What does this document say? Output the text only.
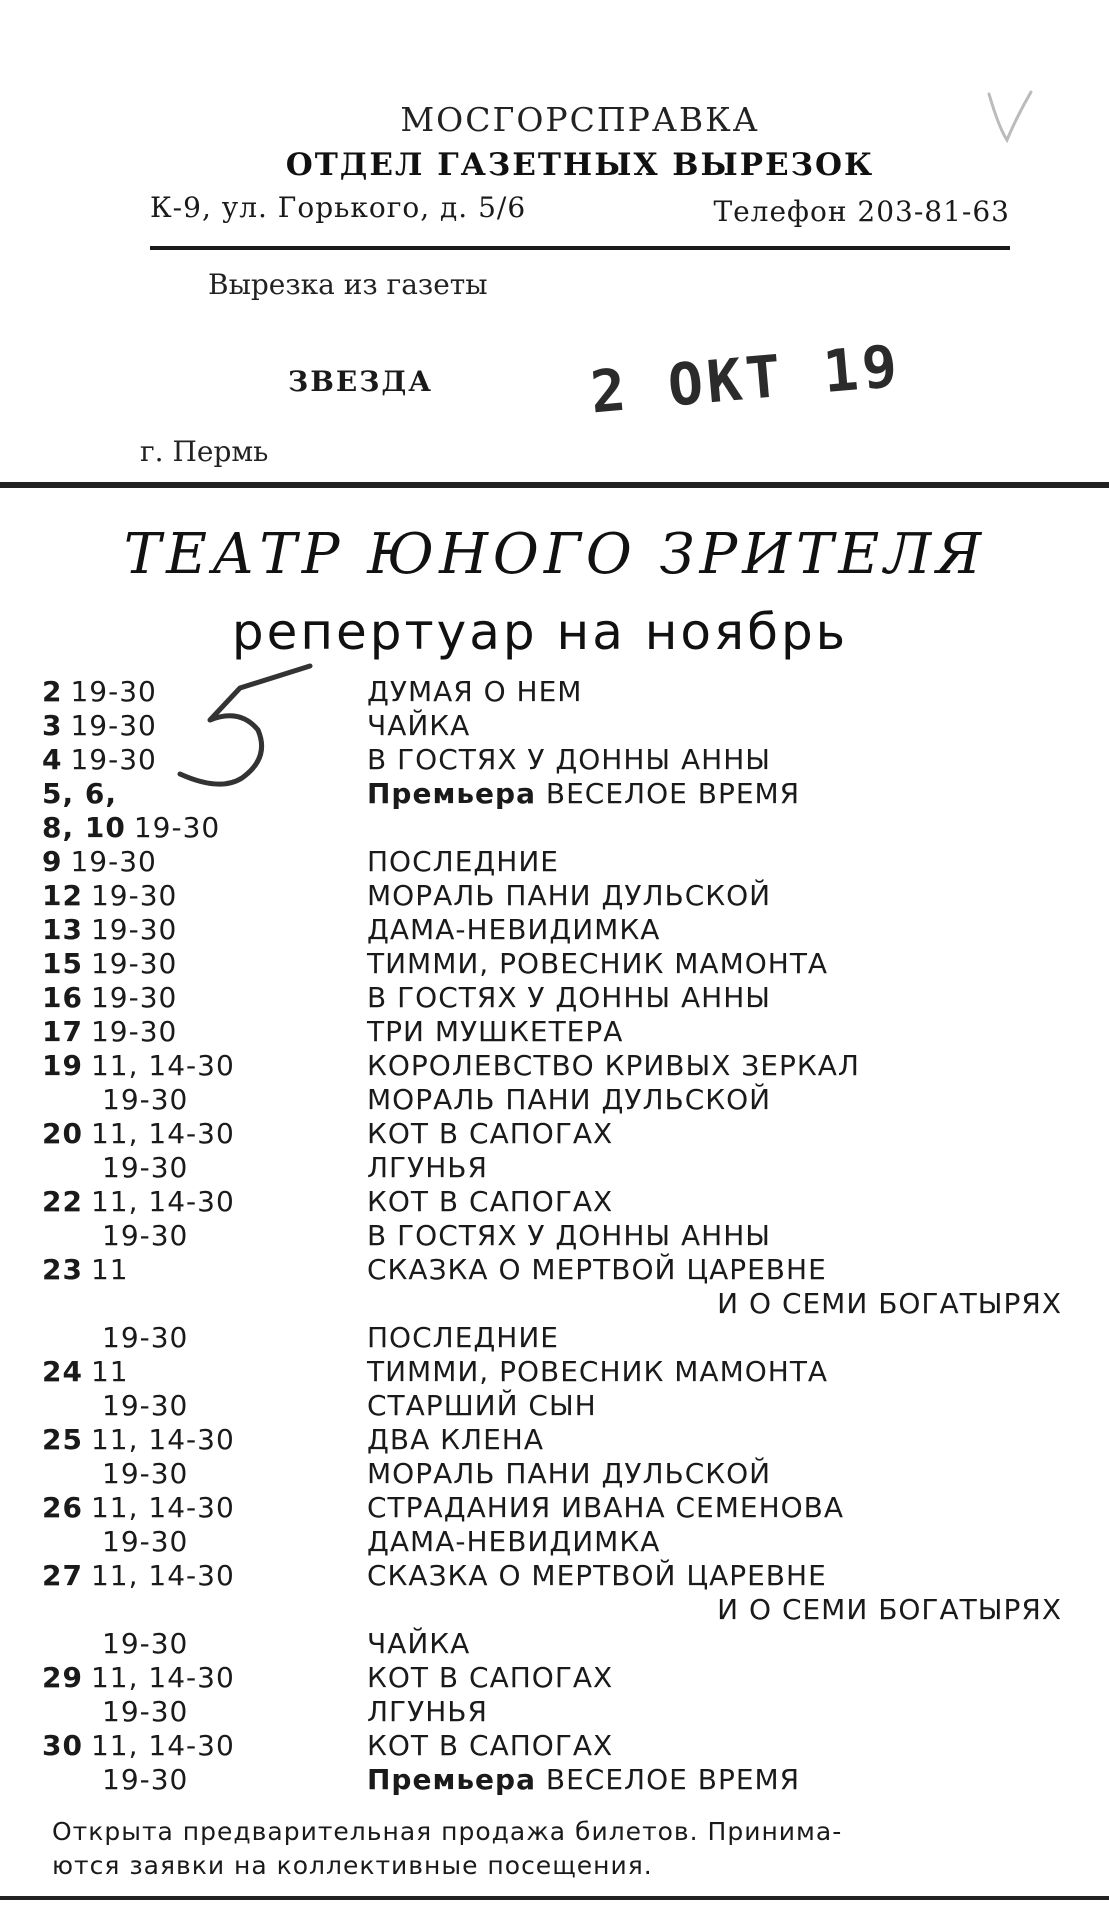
МОСГОРСПРАВКА
ОТДЕЛ ГАЗЕТНЫХ ВЫРЕЗОК
К-9, ул. Горького, д. 5/6	Телефон 203-81-63
Вырезка из газеты
ЗВЕЗДА	2 ОКТ 19
г. Пермь
ТЕАТР ЮНОГО ЗРИТЕЛЯ
репертуар на ноябрь
2 19-30	ДУМАЯ О НЕМ
3 19-30	ЧАЙКА
4 19-30	В ГОСТЯХ У ДОННЫ АННЫ
5, 6,	Премьера ВЕСЕЛОЕ ВРЕМЯ
8, 10 19-30
9 19-30	ПОСЛЕДНИЕ
12 19-30	МОРАЛЬ ПАНИ ДУЛЬСКОЙ
13 19-30	ДАМА-НЕВИДИМКА
15 19-30	ТИММИ, РОВЕСНИК МАМОНТА
16 19-30	В ГОСТЯХ У ДОННЫ АННЫ
17 19-30	ТРИ МУШКЕТЕРА
19 11, 14-30	КОРОЛЕВСТВО КРИВЫХ ЗЕРКАЛ
19-30	МОРАЛЬ ПАНИ ДУЛЬСКОЙ
20 11, 14-30	КОТ В САПОГАХ
19-30	ЛГУНЬЯ
22 11, 14-30	КОТ В САПОГАХ
19-30	В ГОСТЯХ У ДОННЫ АННЫ
23 11	СКАЗКА О МЕРТВОЙ ЦАРЕВНЕ
И О СЕМИ БОГАТЫРЯХ
19-30	ПОСЛЕДНИЕ
24 11	ТИММИ, РОВЕСНИК МАМОНТА
19-30	СТАРШИЙ СЫН
25 11, 14-30	ДВА КЛЕНА
19-30	МОРАЛЬ ПАНИ ДУЛЬСКОЙ
26 11, 14-30	СТРАДАНИЯ ИВАНА СЕМЕНОВА
19-30	ДАМА-НЕВИДИМКА
27 11, 14-30	СКАЗКА О МЕРТВОЙ ЦАРЕВНЕ
И О СЕМИ БОГАТЫРЯХ
19-30	ЧАЙКА
29 11, 14-30	КОТ В САПОГАХ
19-30	ЛГУНЬЯ
30 11, 14-30	КОТ В САПОГАХ
19-30	Премьера ВЕСЕЛОЕ ВРЕМЯ
Открыта предварительная продажа билетов. Принима-
ются заявки на коллективные посещения.
